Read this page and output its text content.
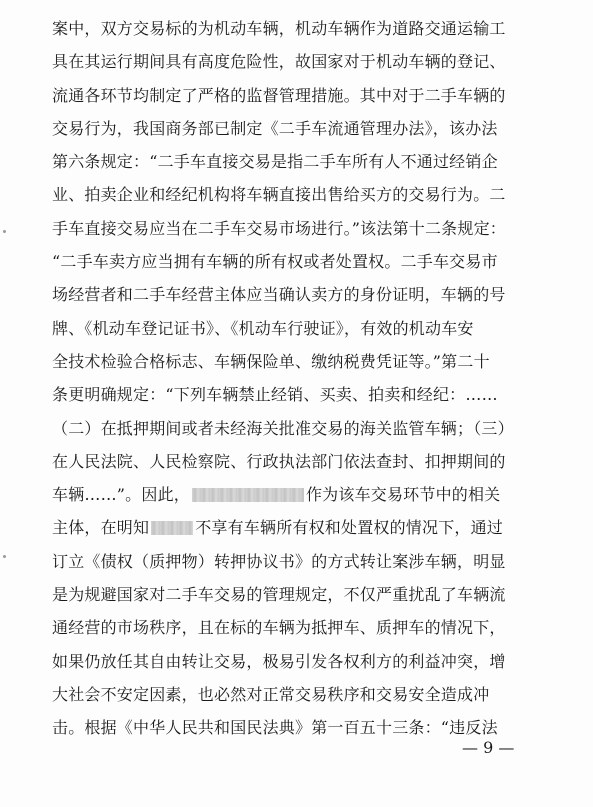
案中，双方交易标的为机动车辆，机动车辆作为道路交通运输工
具在其运行期间具有高度危险性，故国家对于机动车辆的登记、
流通各环节均制定了严格的监督管理措施。其中对于二手车辆的
交易行为，我国商务部已制定《二手车流通管理办法》，该办法
第六条规定：“二手车直接交易是指二手车所有人不通过经销企
业、拍卖企业和经纪机构将车辆直接出售给买方的交易行为。二
手车直接交易应当在二手车交易市场进行。”该法第十二条规定：
“二手车卖方应当拥有车辆的所有权或者处置权。二手车交易市
场经营者和二手车经营主体应当确认卖方的身份证明，车辆的号
牌、《机动车登记证书》、《机动车行驶证》，有效的机动车安
全技术检验合格标志、车辆保险单、缴纳税费凭证等。”第二十
条更明确规定：“下列车辆禁止经销、买卖、拍卖和经纪：……
（二）在抵押期间或者未经海关批准交易的海关监管车辆；（三）
在人民法院、人民检察院、行政执法部门依法查封、扣押期间的
车辆……”。因此，	作为该车交易环节中的相关
主体，在明知	不享有车辆所有权和处置权的情况下，通过
订立《债权（质押物）转押协议书》的方式转让案涉车辆，明显
是为规避国家对二手车交易的管理规定，不仅严重扰乱了车辆流
通经营的市场秩序，且在标的车辆为抵押车、质押车的情况下，
如果仍放任其自由转让交易，极易引发各权利方的利益冲突，增
大社会不安定因素，也必然对正常交易秩序和交易安全造成冲
击。根据《中华人民共和国民法典》第一百五十三条：“违反法
— 9 —
